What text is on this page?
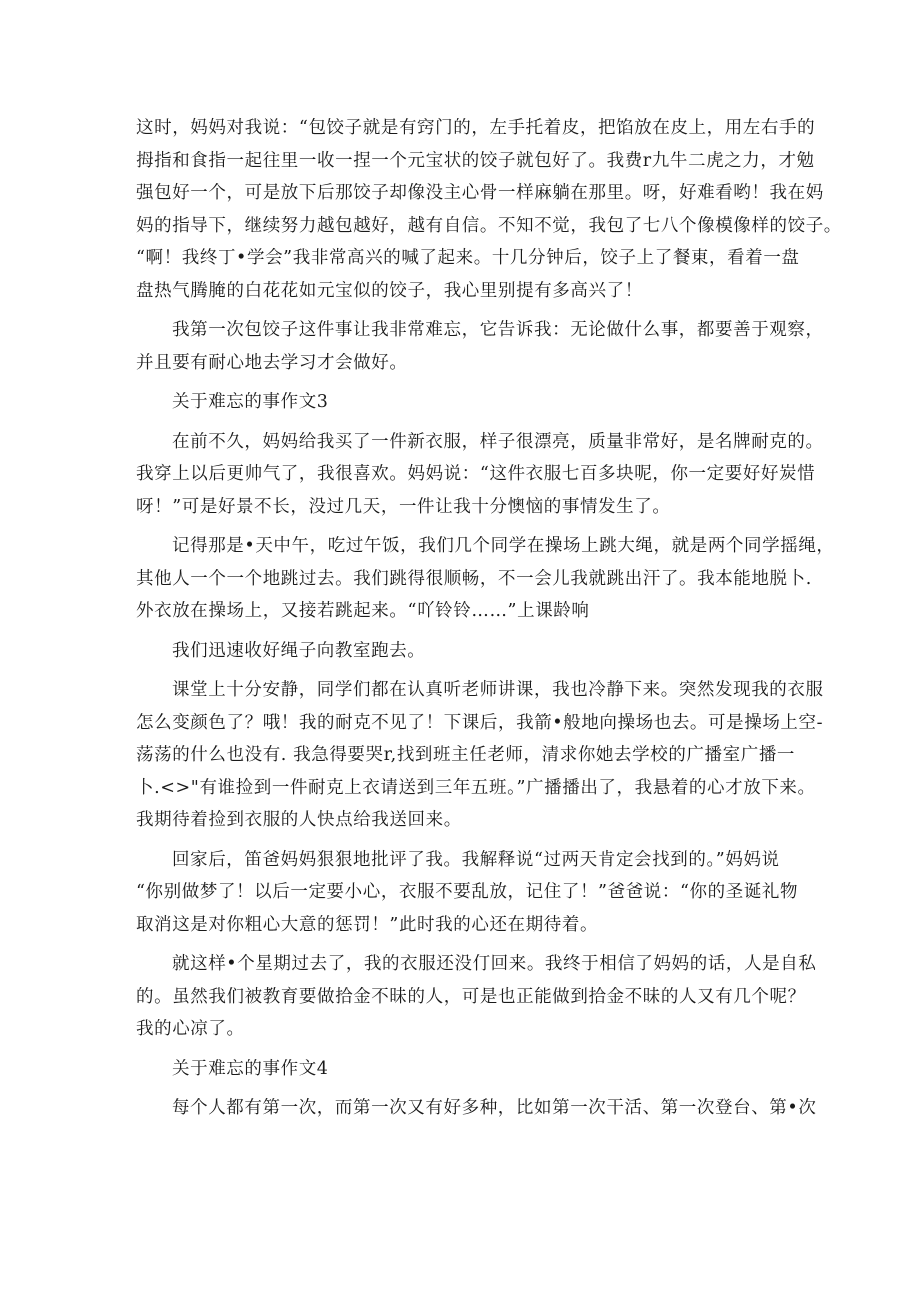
这时，妈妈对我说：“包饺子就是有窍门的，左手托着皮，把馅放在皮上，用左右手的
拇指和食指一起往里一收一捏一个元宝状的饺子就包好了。我费r九牛二虎之力，才勉
强包好一个，可是放下后那饺子却像没主心骨一样麻躺在那里。呀，好难看哟！我在妈
妈的指导下，继续努力越包越好，越有自信。不知不觉，我包了七八个像模像样的饺子。
“啊！我终丁•学会”我非常高兴的喊了起来。十几分钟后，饺子上了餐東，看着一盘
盘热气腾腌的白花花如元宝似的饺子，我心里别提有多高兴了！
我第一次包饺子这件事让我非常难忘，它告诉我：无论做什么事，都要善于观察，
并且要有耐心地去学习才会做好。
关于难忘的事作文3
在前不久，妈妈给我买了一件新衣服，样子很漂亮，质量非常好，是名牌耐克的。
我穿上以后更帅气了，我很喜欢。妈妈说：“这件衣服七百多块呢，你一定要好好炭惜
呀！”可是好景不长，没过几天，一件让我十分懊恼的事情发生了。
记得那是•天中午，吃过午饭，我们几个同学在操场上跳大绳，就是两个同学摇绳，
其他人一个一个地跳过去。我们跳得很顺畅，不一会儿我就跳出汗了。我本能地脱卜.
外衣放在操场上，又接若跳起来。“吖铃铃……”上课龄响
我们迅速收好绳子向教室跑去。
课堂上十分安静，同学们都在认真听老师讲课，我也冷静下来。突然发现我的衣服
怎么变颜色了？哦！我的耐克不见了！下课后，我箭•般地向操场也去。可是操场上空-
荡荡的什么也没有. 我急得要哭r,找到班主任老师，清求你她去学校的广播室广播一
卜.<>"有谁捡到一件耐克上衣请送到三年五班。”广播播出了，我悬着的心才放下来。
我期待着捡到衣服的人快点给我送回来。
回家后，笛爸妈妈狠狠地批评了我。我解释说“过两天肯定会找到的。”妈妈说
“你别做梦了！以后一定要小心，衣服不要乱放，记住了！”爸爸说：“你的圣诞礼物
取消这是对你粗心大意的惩罚！”此时我的心还在期待着。
就这样•个星期过去了，我的衣服还没仃回来。我终于相信了妈妈的话，人是自私
的。虽然我们被教育要做拾金不昧的人，可是也正能做到拾金不昧的人又有几个呢？
我的心凉了。
关于难忘的事作文4
每个人都有第一次，而第一次又有好多种，比如第一次干活、第一次登台、第•次
